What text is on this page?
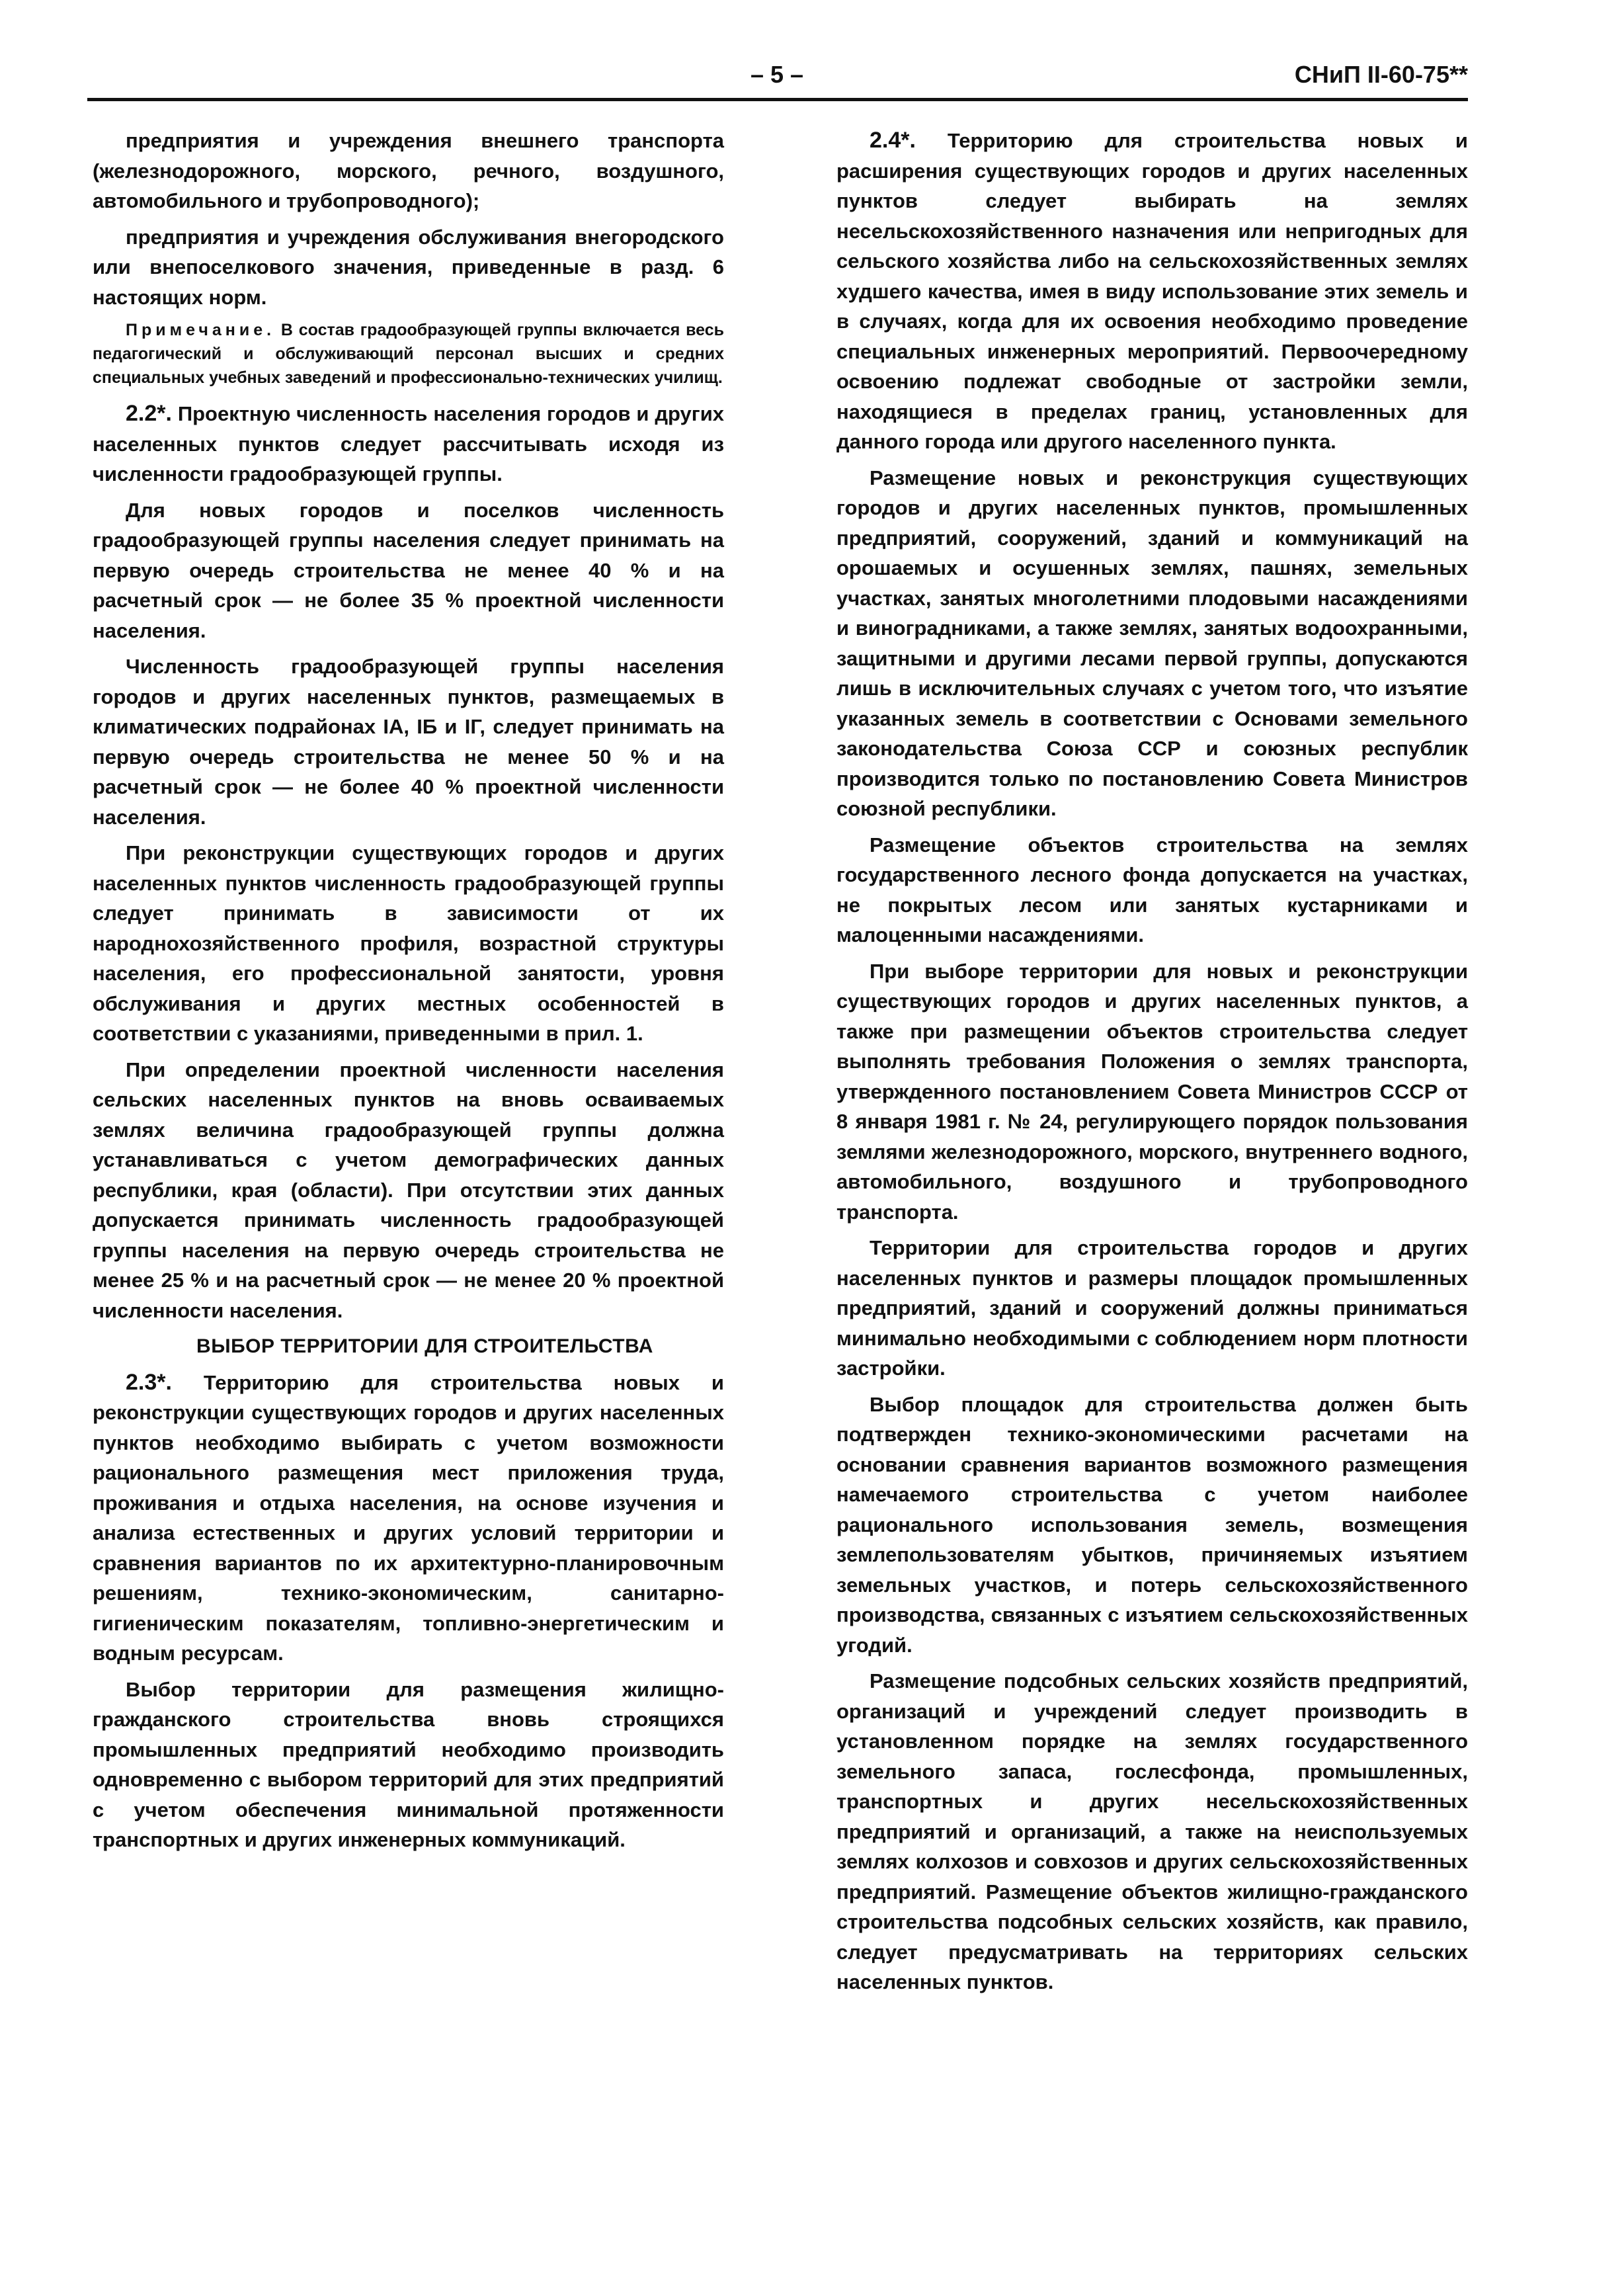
– 5 –	СНиП II-60-75**

предприятия и учреждения внешнего транспорта (железнодорожного, морского, речного, воздушного, автомобильного и трубопроводного);

предприятия и учреждения обслуживания внегородского или внепоселкового значения, приведенные в разд. 6 настоящих норм.

Примечание. В состав градообразующей группы включается весь педагогический и обслуживающий персонал высших и средних специальных учебных заведений и профессионально-технических училищ.

2.2*. Проектную численность населения городов и других населенных пунктов следует рассчитывать исходя из численности градообразующей группы.

Для новых городов и поселков численность градообразующей группы населения следует принимать на первую очередь строительства не менее 40 % и на расчетный срок — не более 35 % проектной численности населения.

Численность градообразующей группы населения городов и других населенных пунктов, размещаемых в климатических подрайонах IA, IБ и IГ, следует принимать на первую очередь строительства не менее 50 % и на расчетный срок — не более 40 % проектной численности населения.

При реконструкции существующих городов и других населенных пунктов численность градообразующей группы следует принимать в зависимости от их народнохозяйственного профиля, возрастной структуры населения, его профессиональной занятости, уровня обслуживания и других местных особенностей в соответствии с указаниями, приведенными в прил. 1.

При определении проектной численности населения сельских населенных пунктов на вновь осваиваемых землях величина градообразующей группы должна устанавливаться с учетом демографических данных республики, края (области). При отсутствии этих данных допускается принимать численность градообразующей группы населения на первую очередь строительства не менее 25 % и на расчетный срок — не менее 20 % проектной численности населения.

ВЫБОР ТЕРРИТОРИИ ДЛЯ СТРОИТЕЛЬСТВА

2.3*. Территорию для строительства новых и реконструкции существующих городов и других населенных пунктов необходимо выбирать с учетом возможности рационального размещения мест приложения труда, проживания и отдыха населения, на основе изучения и анализа естественных и других условий территории и сравнения вариантов по их архитектурно-планировочным решениям, технико-экономическим, санитарно-гигиеническим показателям, топливно-энергетическим и водным ресурсам.

Выбор территории для размещения жилищно-гражданского строительства вновь строящихся промышленных предприятий необходимо производить одновременно с выбором территорий для этих предприятий с учетом обеспечения минимальной протяженности транспортных и других инженерных коммуникаций.

2.4*. Территорию для строительства новых и расширения существующих городов и других населенных пунктов следует выбирать на землях несельскохозяйственного назначения или непригодных для сельского хозяйства либо на сельскохозяйственных землях худшего качества, имея в виду использование этих земель и в случаях, когда для их освоения необходимо проведение специальных инженерных мероприятий. Первоочередному освоению подлежат свободные от застройки земли, находящиеся в пределах границ, установленных для данного города или другого населенного пункта.

Размещение новых и реконструкция существующих городов и других населенных пунктов, промышленных предприятий, сооружений, зданий и коммуникаций на орошаемых и осушенных землях, пашнях, земельных участках, занятых многолетними плодовыми насаждениями и виноградниками, а также землях, занятых водоохранными, защитными и другими лесами первой группы, допускаются лишь в исключительных случаях с учетом того, что изъятие указанных земель в соответствии с Основами земельного законодательства Союза ССР и союзных республик производится только по постановлению Совета Министров союзной республики.

Размещение объектов строительства на землях государственного лесного фонда допускается на участках, не покрытых лесом или занятых кустарниками и малоценными насаждениями.

При выборе территории для новых и реконструкции существующих городов и других населенных пунктов, а также при размещении объектов строительства следует выполнять требования Положения о землях транспорта, утвержденного постановлением Совета Министров СССР от 8 января 1981 г. № 24, регулирующего порядок пользования землями железнодорожного, морского, внутреннего водного, автомобильного, воздушного и трубопроводного транспорта.

Территории для строительства городов и других населенных пунктов и размеры площадок промышленных предприятий, зданий и сооружений должны приниматься минимально необходимыми с соблюдением норм плотности застройки.

Выбор площадок для строительства должен быть подтвержден технико-экономическими расчетами на основании сравнения вариантов возможного размещения намечаемого строительства с учетом наиболее рационального использования земель, возмещения землепользователям убытков, причиняемых изъятием земельных участков, и потерь сельскохозяйственного производства, связанных с изъятием сельскохозяйственных угодий.

Размещение подсобных сельских хозяйств предприятий, организаций и учреждений следует производить в установленном порядке на землях государственного земельного запаса, гослесфонда, промышленных, транспортных и других несельскохозяйственных предприятий и организаций, а также на неиспользуемых землях колхозов и совхозов и других сельскохозяйственных предприятий. Размещение объектов жилищно-гражданского строительства подсобных сельских хозяйств, как правило, следует предусматривать на территориях сельских населенных пунктов.
